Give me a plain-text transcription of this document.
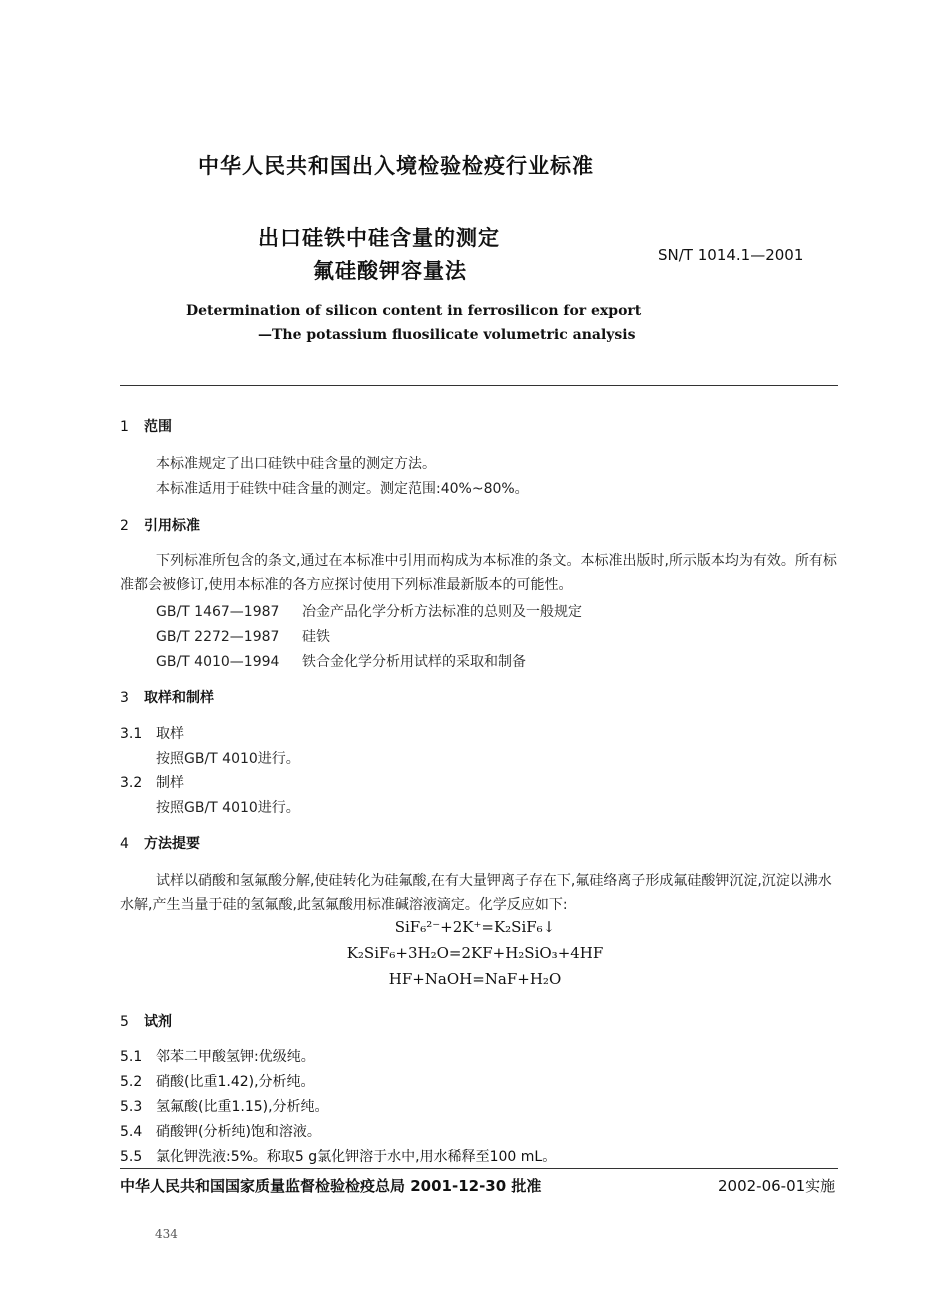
中华人民共和国出入境检验检疫行业标准
出口硅铁中硅含量的测定
氟硅酸钾容量法
SN/T 1014.1—2001
Determination of silicon content in ferrosilicon for export
—The potassium fluosilicate volumetric analysis
1 范围
本标准规定了出口硅铁中硅含量的测定方法。
本标准适用于硅铁中硅含量的测定。测定范围:40%~80%。
2 引用标准
下列标准所包含的条文,通过在本标准中引用而构成为本标准的条文。本标准出版时,所示版本均为有效。所有标准都会被修订,使用本标准的各方应探讨使用下列标准最新版本的可能性。
GB/T 1467—1987 冶金产品化学分析方法标准的总则及一般规定
GB/T 2272—1987 硅铁
GB/T 4010—1994 铁合金化学分析用试样的采取和制备
3 取样和制样
3.1 取样
按照GB/T 4010进行。
3.2 制样
按照GB/T 4010进行。
4 方法提要
试样以硝酸和氢氟酸分解,使硅转化为硅氟酸,在有大量钾离子存在下,氟硅络离子形成氟硅酸钾沉淀,沉淀以沸水水解,产生当量于硅的氢氟酸,此氢氟酸用标准碱溶液滴定。化学反应如下:
SiF₆²⁻+2K⁺=K₂SiF₆↓
K₂SiF₆+3H₂O=2KF+H₂SiO₃+4HF
HF+NaOH=NaF+H₂O
5 试剂
5.1 邻苯二甲酸氢钾:优级纯。
5.2 硝酸(比重1.42),分析纯。
5.3 氢氟酸(比重1.15),分析纯。
5.4 硝酸钾(分析纯)饱和溶液。
5.5 氯化钾洗液:5%。称取5 g氯化钾溶于水中,用水稀释至100 mL。
中华人民共和国国家质量监督检验检疫总局 2001-12-30 批准	2002-06-01实施
434
